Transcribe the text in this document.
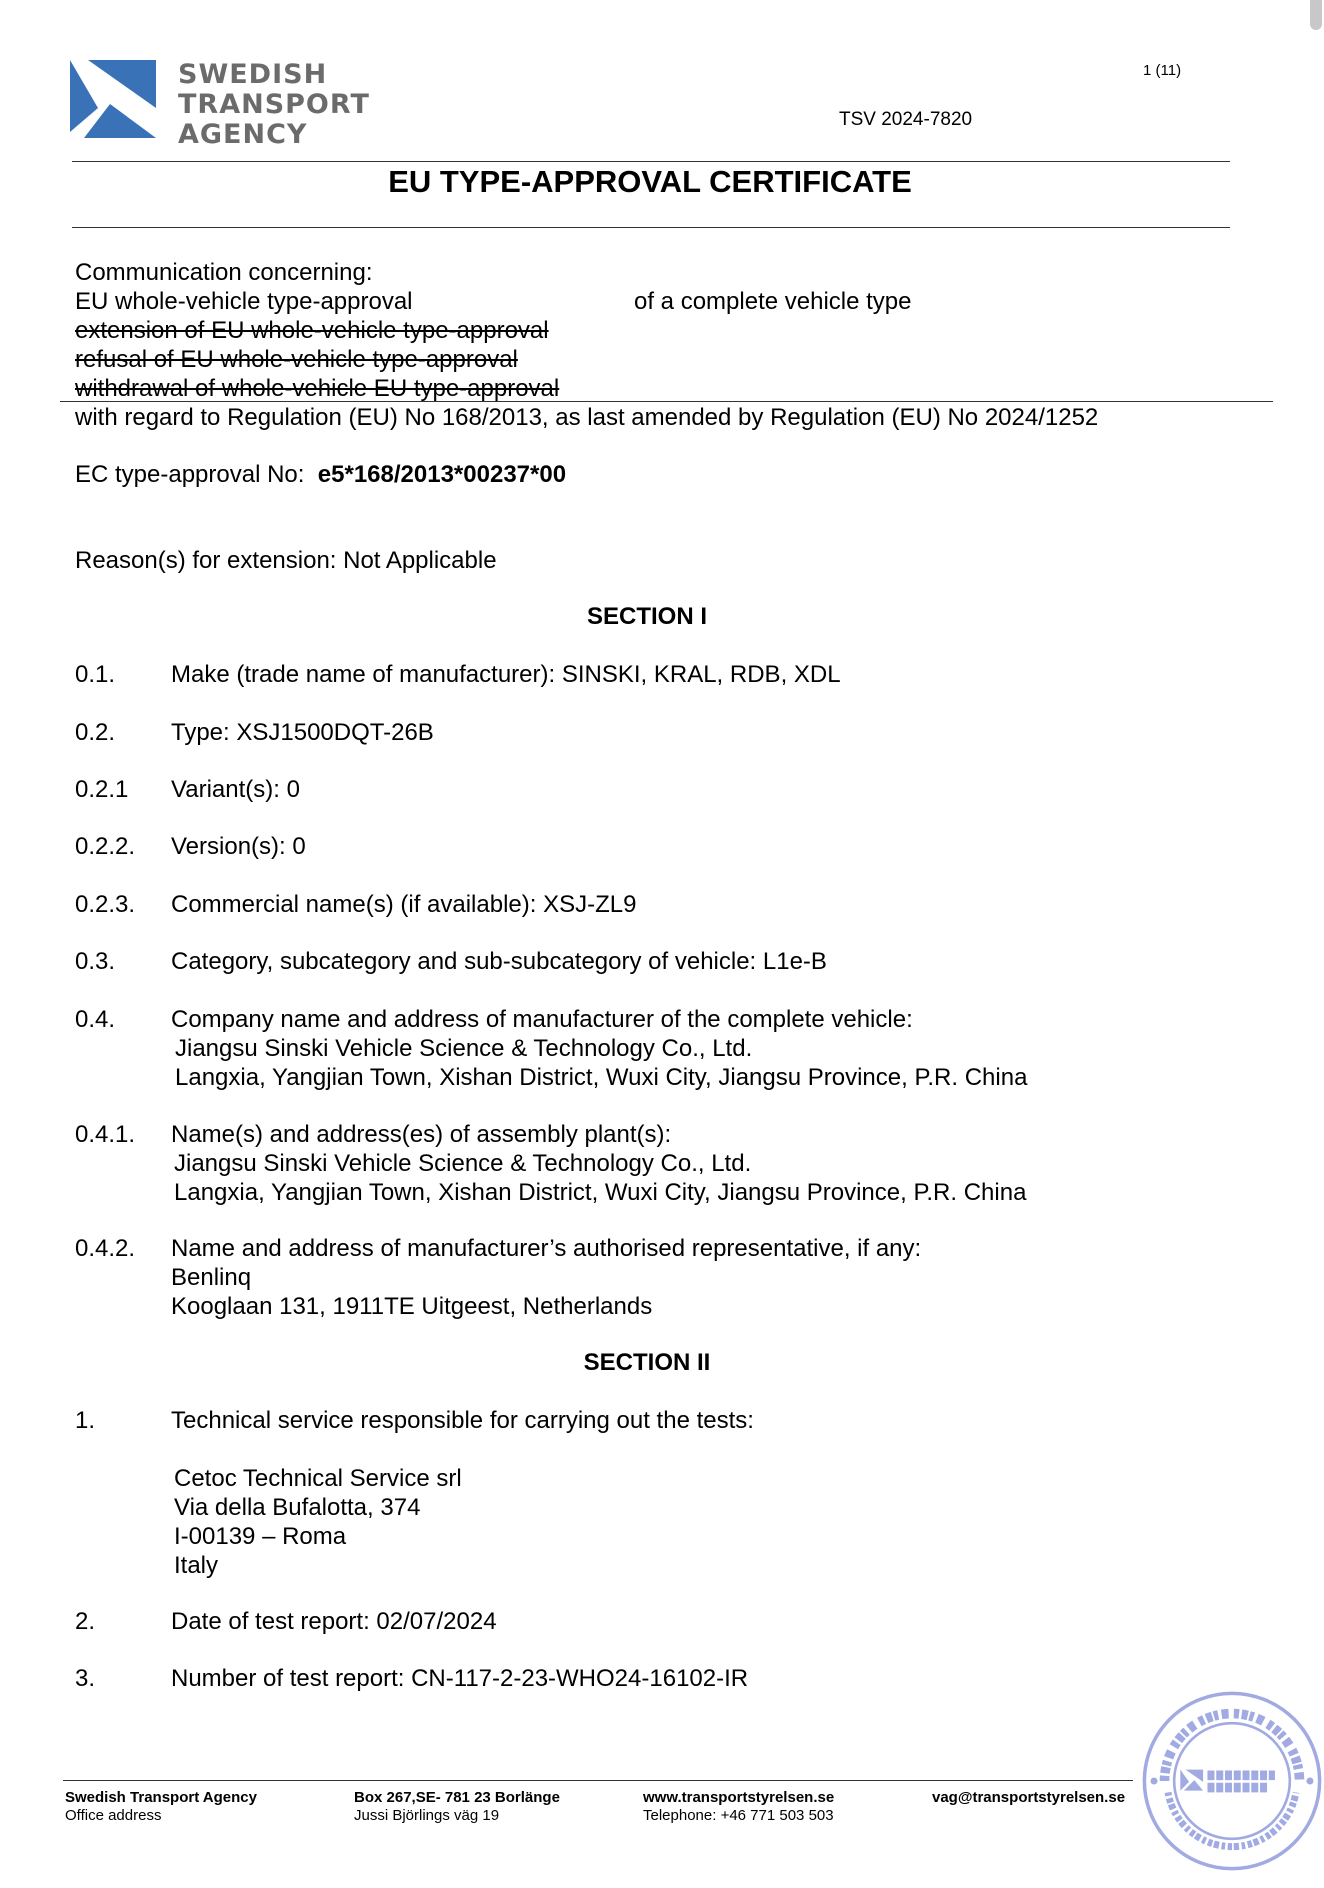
SWEDISH
TRANSPORT
AGENCY
1 (11)
TSV 2024-7820
EU TYPE-APPROVAL CERTIFICATE
Communication concerning:
EU whole-vehicle type-approval
extension of EU whole-vehicle type-approval
refusal of EU whole-vehicle type-approval
withdrawal of whole-vehicle EU type-approval
of a complete vehicle type
with regard to Regulation (EU) No 168/2013, as last amended by Regulation (EU) No 2024/1252
EC type-approval No: e5*168/2013*00237*00
Reason(s) for extension: Not Applicable
SECTION I
0.1. Make (trade name of manufacturer): SINSKI, KRAL, RDB, XDL
0.2. Type: XSJ1500DQT-26B
0.2.1 Variant(s): 0
0.2.2. Version(s): 0
0.2.3. Commercial name(s) (if available): XSJ-ZL9
0.3. Category, subcategory and sub-subcategory of vehicle: L1e-B
0.4. Company name and address of manufacturer of the complete vehicle:
Jiangsu Sinski Vehicle Science & Technology Co., Ltd.
Langxia, Yangjian Town, Xishan District, Wuxi City, Jiangsu Province, P.R. China
0.4.1. Name(s) and address(es) of assembly plant(s):
Jiangsu Sinski Vehicle Science & Technology Co., Ltd.
Langxia, Yangjian Town, Xishan District, Wuxi City, Jiangsu Province, P.R. China
0.4.2. Name and address of manufacturer’s authorised representative, if any:
Benlinq
Kooglaan 131, 1911TE Uitgeest, Netherlands
SECTION II
1.	Technical service responsible for carrying out the tests:
Cetoc Technical Service srl
Via della Bufalotta, 374
I-00139 – Roma
Italy
2.	Date of test report: 02/07/2024
3.	Number of test report: CN-117-2-23-WHO24-16102-IR
Swedish Transport Agency
Office address
Box 267,SE- 781 23 Borlänge
Jussi Björlings väg 19
www.transportstyrelsen.se
Telephone: +46 771 503 503
vag@transportstyrelsen.se
